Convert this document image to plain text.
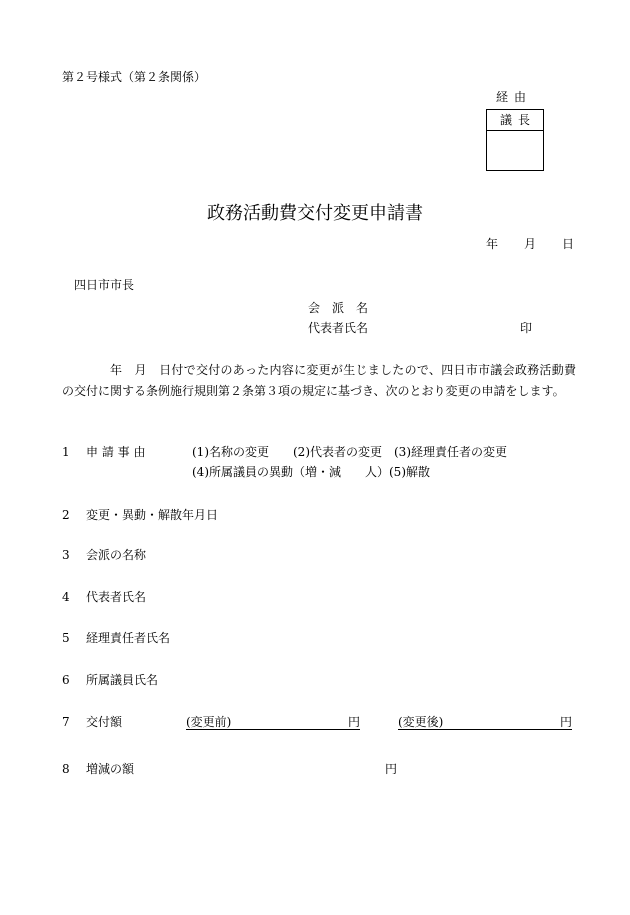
第２号様式（第２条関係）
経由
議長
政務活動費交付変更申請書
年 月 日
四日市市長
会　派　名
代表者氏名	印
年　月　日付で交付のあった内容に変更が生じましたので、四日市市議会政務活動費の交付に関する条例施行規則第２条第３項の規定に基づき、次のとおり変更の申請をします。
1 申 請 事 由	(1)名称の変更　　(2)代表者の変更　(3)経理責任者の変更
(4)所属議員の異動（増・減　　人）(5)解散
2 変更・異動・解散年月日
3 会派の名称
4 代表者氏名
5 経理責任者氏名
6 所属議員氏名
7 交付額	(変更前)	円	(変更後)	円
8 増減の額	円
